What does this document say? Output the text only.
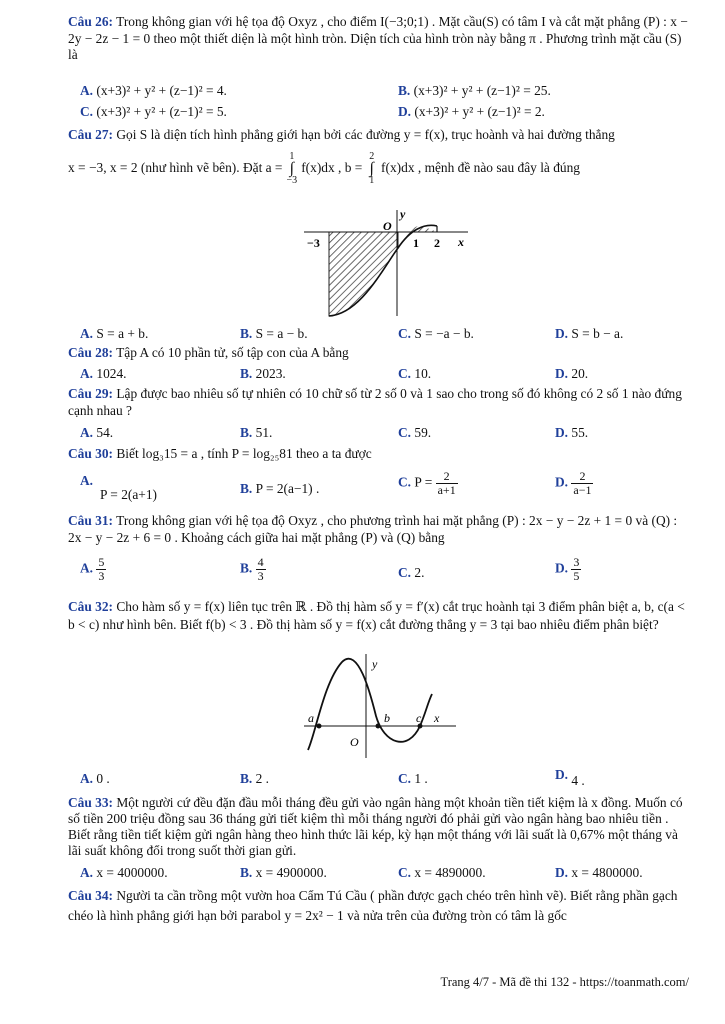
Câu 26: Trong không gian với hệ tọa độ Oxyz , cho điểm I(−3;0;1) . Mặt cầu(S) có tâm I và cắt mặt phẳng (P) : x − 2y − 2z − 1 = 0 theo một thiết diện là một hình tròn. Diện tích của hình tròn này bằng π . Phương trình mặt cầu (S) là
A. (x+3)² + y² + (z−1)² = 4.	B. (x+3)² + y² + (z−1)² = 25.
C. (x+3)² + y² + (z−1)² = 5.	D. (x+3)² + y² + (z−1)² = 2.
Câu 27: Gọi S là diện tích hình phẳng giới hạn bởi các đường y = f(x), trục hoành và hai đường thẳng
x = −3, x = 2 (như hình vẽ bên). Đặt a = 1
∫
−3 f(x)dx , b = 2
∫
1 f(x)dx , mệnh đề nào sau đây là đúng
−3
O
y
x
1 2
A. S = a + b.	B. S = a − b.	C. S = −a − b.	D. S = b − a.
Câu 28: Tập A có 10 phần tử, số tập con của A bằng
A. 1024.	B. 2023.	C. 10.	D. 20.
Câu 29: Lập được bao nhiêu số tự nhiên có 10 chữ số từ 2 số 0 và 1 sao cho trong số đó không có 2 số 1 nào đứng cạnh nhau ?
A. 54.	B. 51.	C. 59.	D. 55.
Câu 30: Biết log₃15 = a , tính P = log₂₅81 theo a ta được
A.
P = 2(a+1)	B. P = 2(a−1) .	C. $P = \frac{2}{a+1}$	D. $\frac{2}{a-1}$
Câu 31: Trong không gian với hệ tọa độ Oxyz , cho phương trình hai mặt phẳng (P) : 2x − y − 2z + 1 = 0 và (Q) : 2x − y − 2z + 6 = 0 . Khoảng cách giữa hai mặt phẳng (P) và (Q) bằng
A. $\frac{5}{3}$	B. $\frac{4}{3}$	C. 2.	D. $\frac{3}{5}$
Câu 32: Cho hàm số y = f(x) liên tục trên ℝ . Đồ thị hàm số y = f′(x) cắt trục hoành tại 3 điểm phân biệt a, b, c(a < b < c) như hình bên. Biết f(b) < 3 . Đồ thị hàm số y = f(x) cắt đường thẳng y = 3 tại bao nhiêu điểm phân biệt?
a	b c x
y
O
A. 0 .	B. 2 .	C. 1 .	D. 4 .
Câu 33: Một người cứ đều đặn đầu mỗi tháng đều gửi vào ngân hàng một khoản tiền tiết kiệm là x đồng. Muốn có số tiền 200 triệu đồng sau 36 tháng gửi tiết kiệm thì mỗi tháng người đó phải gửi vào ngân hàng bao nhiêu tiền . Biết rằng tiền tiết kiệm gửi ngân hàng theo hình thức lãi kép, kỳ hạn một tháng với lãi suất là 0,67% một tháng và lãi suất không đổi trong suốt thời gian gửi.
A. x = 4000000.	B. x = 4900000.	C. x = 4890000.	D. x = 4800000.
Câu 34: Người ta cần trồng một vườn hoa Cẩm Tú Cầu ( phần được gạch chéo trên hình vẽ). Biết rằng phần gạch chéo là hình phẳng giới hạn bởi parabol y = 2x² − 1 và nửa trên của đường tròn có tâm là gốc
Trang 4/7 - Mã đề thi 132 - https://toanmath.com/
